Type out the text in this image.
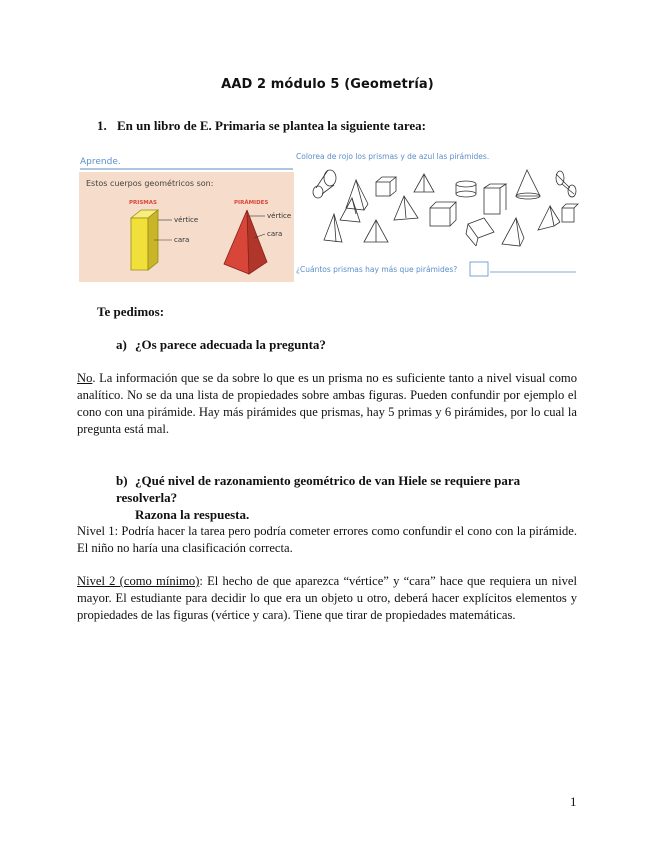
AAD 2 módulo 5 (Geometría)
1. En un libro de E. Primaria se plantea la siguiente tarea:
Aprende.
Estos cuerpos geométricos son:
PRISMAS	PIRÁMIDES
vértice
cara
vértice
cara
Colorea de rojo los prismas y de azul las pirámides.
¿Cuántos prismas hay más que pirámides?
Te pedimos:
a) ¿Os parece adecuada la pregunta?
No. La información que se da sobre lo que es un prisma no es suficiente tanto a nivel visual como analítico. No se da una lista de propiedades sobre ambas figuras. Pueden confundir por ejemplo el cono con una pirámide. Hay más pirámides que prismas, hay 5 primas y 6 pirámides, por lo cual la pregunta está mal.
b) ¿Qué nivel de razonamiento geométrico de van Hiele se requiere para resolverla?
Razona la respuesta.
Nivel 1: Podría hacer la tarea pero podría cometer errores como confundir el cono con la pirámide. El niño no haría una clasificación correcta.
Nivel 2 (como mínimo): El hecho de que aparezca “vértice” y “cara” hace que requiera un nivel mayor. El estudiante para decidir lo que era un objeto u otro, deberá hacer explícitos elementos y propiedades de las figuras (vértice y cara). Tiene que tirar de propiedades matemáticas.
1
